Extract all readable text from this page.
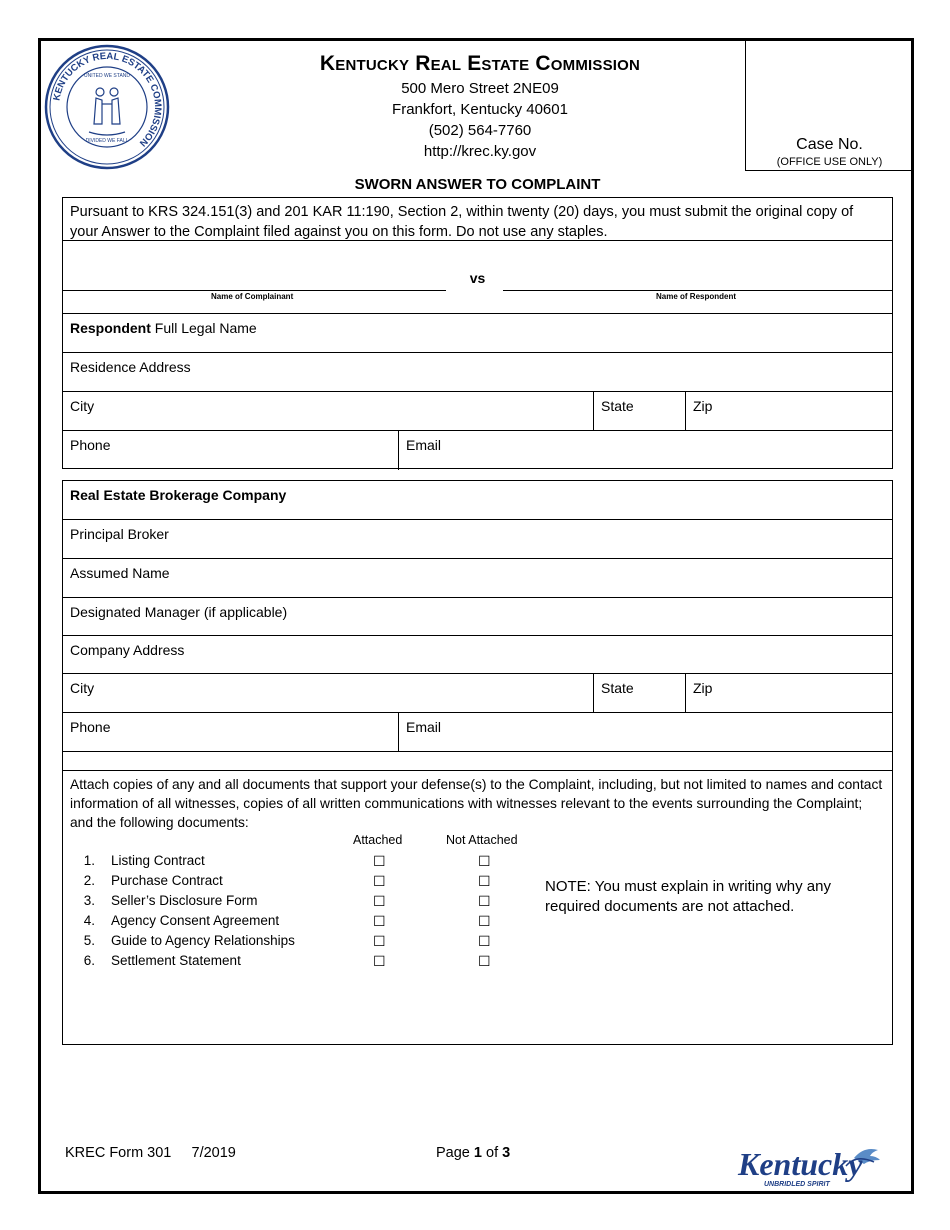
KENTUCKY REAL ESTATE COMMISSION
UNITED WE STAND
DIVIDED WE FALL
Kentucky Real Estate Commission
500 Mero Street 2NE09
Frankfort, Kentucky 40601
(502) 564-7760
http://krec.ky.gov	Case No.
(OFFICE USE ONLY)
SWORN ANSWER TO COMPLAINT
Pursuant to KRS 324.151(3) and 201 KAR 11:190, Section 2, within twenty (20) days, you must submit the original copy of your Answer to the Complaint filed against you on this form. Do not use any staples.
vs
Name of Complainant	Name of Respondent
Respondent Full Legal Name
Residence Address
City	State	Zip
Phone	Email
Real Estate Brokerage Company
Principal Broker
Assumed Name
Designated Manager (if applicable)
Company Address
City	State	Zip
Phone	Email
Attach copies of any and all documents that support your defense(s) to the Complaint, including, but not limited to names and contact information of all witnesses, copies of all written communications with witnesses relevant to the events surrounding the Complaint; and the following documents:
Attached	Not Attached
1. Listing Contract	☐	☐
2. Purchase Contract	☐	☐
3. Seller’s Disclosure Form	☐	☐
4. Agency Consent Agreement	☐	☐
5. Guide to Agency Relationships	☐	☐
6. Settlement Statement	☐	☐
NOTE: You must explain in writing why any required documents are not attached.
KREC Form 301     7/2019	Page 1 of 3	Kentucky
UNBRIDLED SPIRIT
